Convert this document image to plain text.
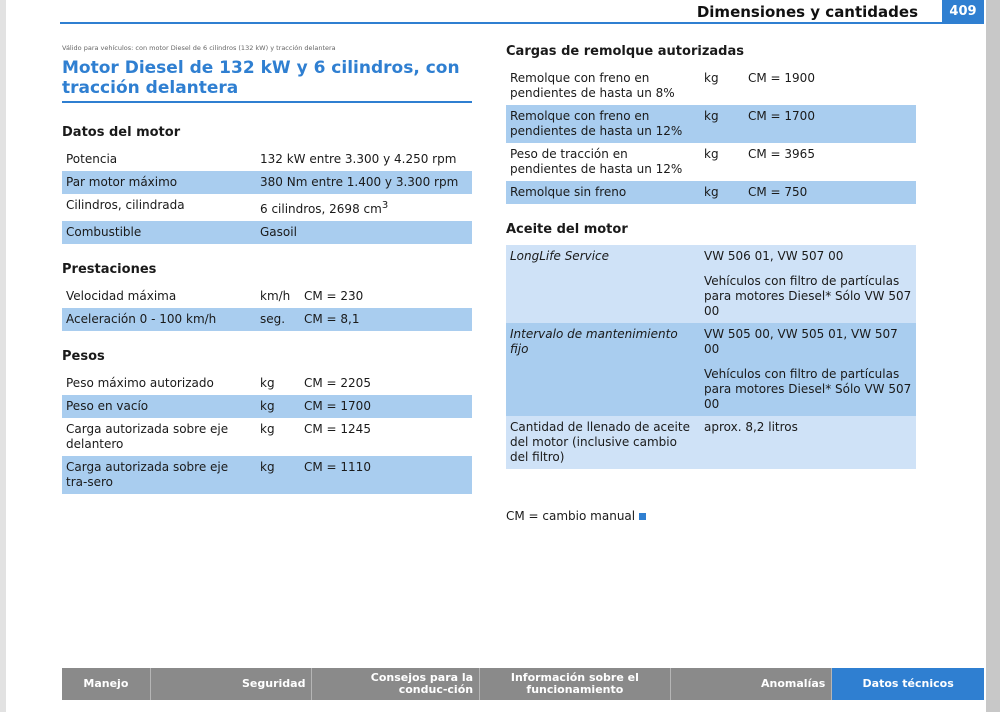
Dimensiones y cantidades	409
Válido para vehículos: con motor Diesel de 6 cilindros (132 kW) y tracción delantera
Motor Diesel de 132 kW y 6 cilindros, con tracción delantera
Datos del motor
Potencia	132 kW entre 3.300 y 4.250 rpm
Par motor máximo	380 Nm entre 1.400 y 3.300 rpm
Cilindros, cilindrada	6 cilindros, 2698 $cm^3$
Combustible	Gasoil
Prestaciones
Velocidad máxima	km/h	CM = 230
Aceleración 0 - 100 km/h	seg.	CM = 8,1
Pesos
Peso máximo autorizado	kg	CM = 2205
Peso en vacío	kg	CM = 1700
Carga autorizada sobre eje delantero	kg	CM = 1245
Carga autorizada sobre eje tra-sero	kg	CM = 1110
Cargas de remolque autorizadas
Remolque con freno en pendientes de hasta un 8%	kg	CM = 1900
Remolque con freno en pendientes de hasta un 12%	kg	CM = 1700
Peso de tracción en pendientes de hasta un 12%	kg	CM = 3965
Remolque sin freno	kg	CM = 750
Aceite del motor
LongLife Service	VW 506 01, VW 507 00
Vehículos con filtro de partículas para motores Diesel* Sólo VW 507 00

Intervalo de mantenimiento fijo	VW 505 00, VW 505 01, VW 507 00
Vehículos con filtro de partículas para motores Diesel* Sólo VW 507 00

Cantidad de llenado de aceite del motor (inclusive cambio del filtro)	aprox. 8,2 litros
CM = cambio manual
Manejo	Seguridad	Consejos para la conduc-ción
Información sobre el funcionamiento	Anomalías	Datos técnicos
